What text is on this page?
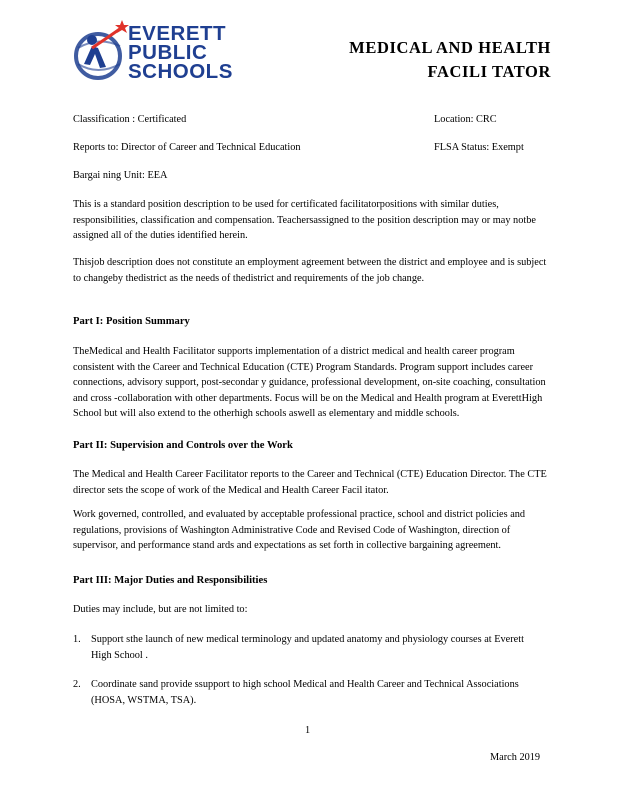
EVERETT
PUBLIC
SCHOOLS
MEDICAL AND HEALTH
FACILI TATOR
Classification : Certificated	Location: CRC
Reports to: Director of Career and Technical Education	FLSA Status: Exempt
Bargai ning Unit: EEA
This is a standard position description to be used for certificated facilitatorpositions with similar duties, responsibilities, classification and compensation. Teachersassigned to the position description may or may notbe assigned all of the duties identified herein.
Thisjob description does not constitute an employment agreement between the district and employee and is subject to changeby thedistrict as the needs of thedistrict and requirements of the job change.
Part I: Position Summary
TheMedical and Health Facilitator supports implementation of a district medical and health career program consistent with the Career and Technical Education (CTE) Program Standards. Program support includes career connections, advisory support, post-secondar y guidance, professional development, on-site coaching, consultation and cross -collaboration with other departments. Focus will be on the Medical and Health program at EverettHigh School but will also extend to the otherhigh schools aswell as elementary and middle schools.
Part II: Supervision and Controls over the Work
The Medical and Health Career Facilitator reports to the Career and Technical (CTE) Education Director. The CTE director sets the scope of work of the Medical and Health Career Facil itator.
Work governed, controlled, and evaluated by acceptable professional practice, school and district policies and regulations, provisions of Washington Administrative Code and Revised Code of Washington, direction of supervisor, and performance stand ards and expectations as set forth in collective bargaining agreement.
Part III: Major Duties and Responsibilities
Duties may include, but are not limited to:
1. Support sthe launch of new medical terminology and updated anatomy and physiology courses at Everett High School .
2. Coordinate sand provide ssupport to high school Medical and Health Career and Technical Associations (HOSA, WSTMA, TSA).
1
March 2019
